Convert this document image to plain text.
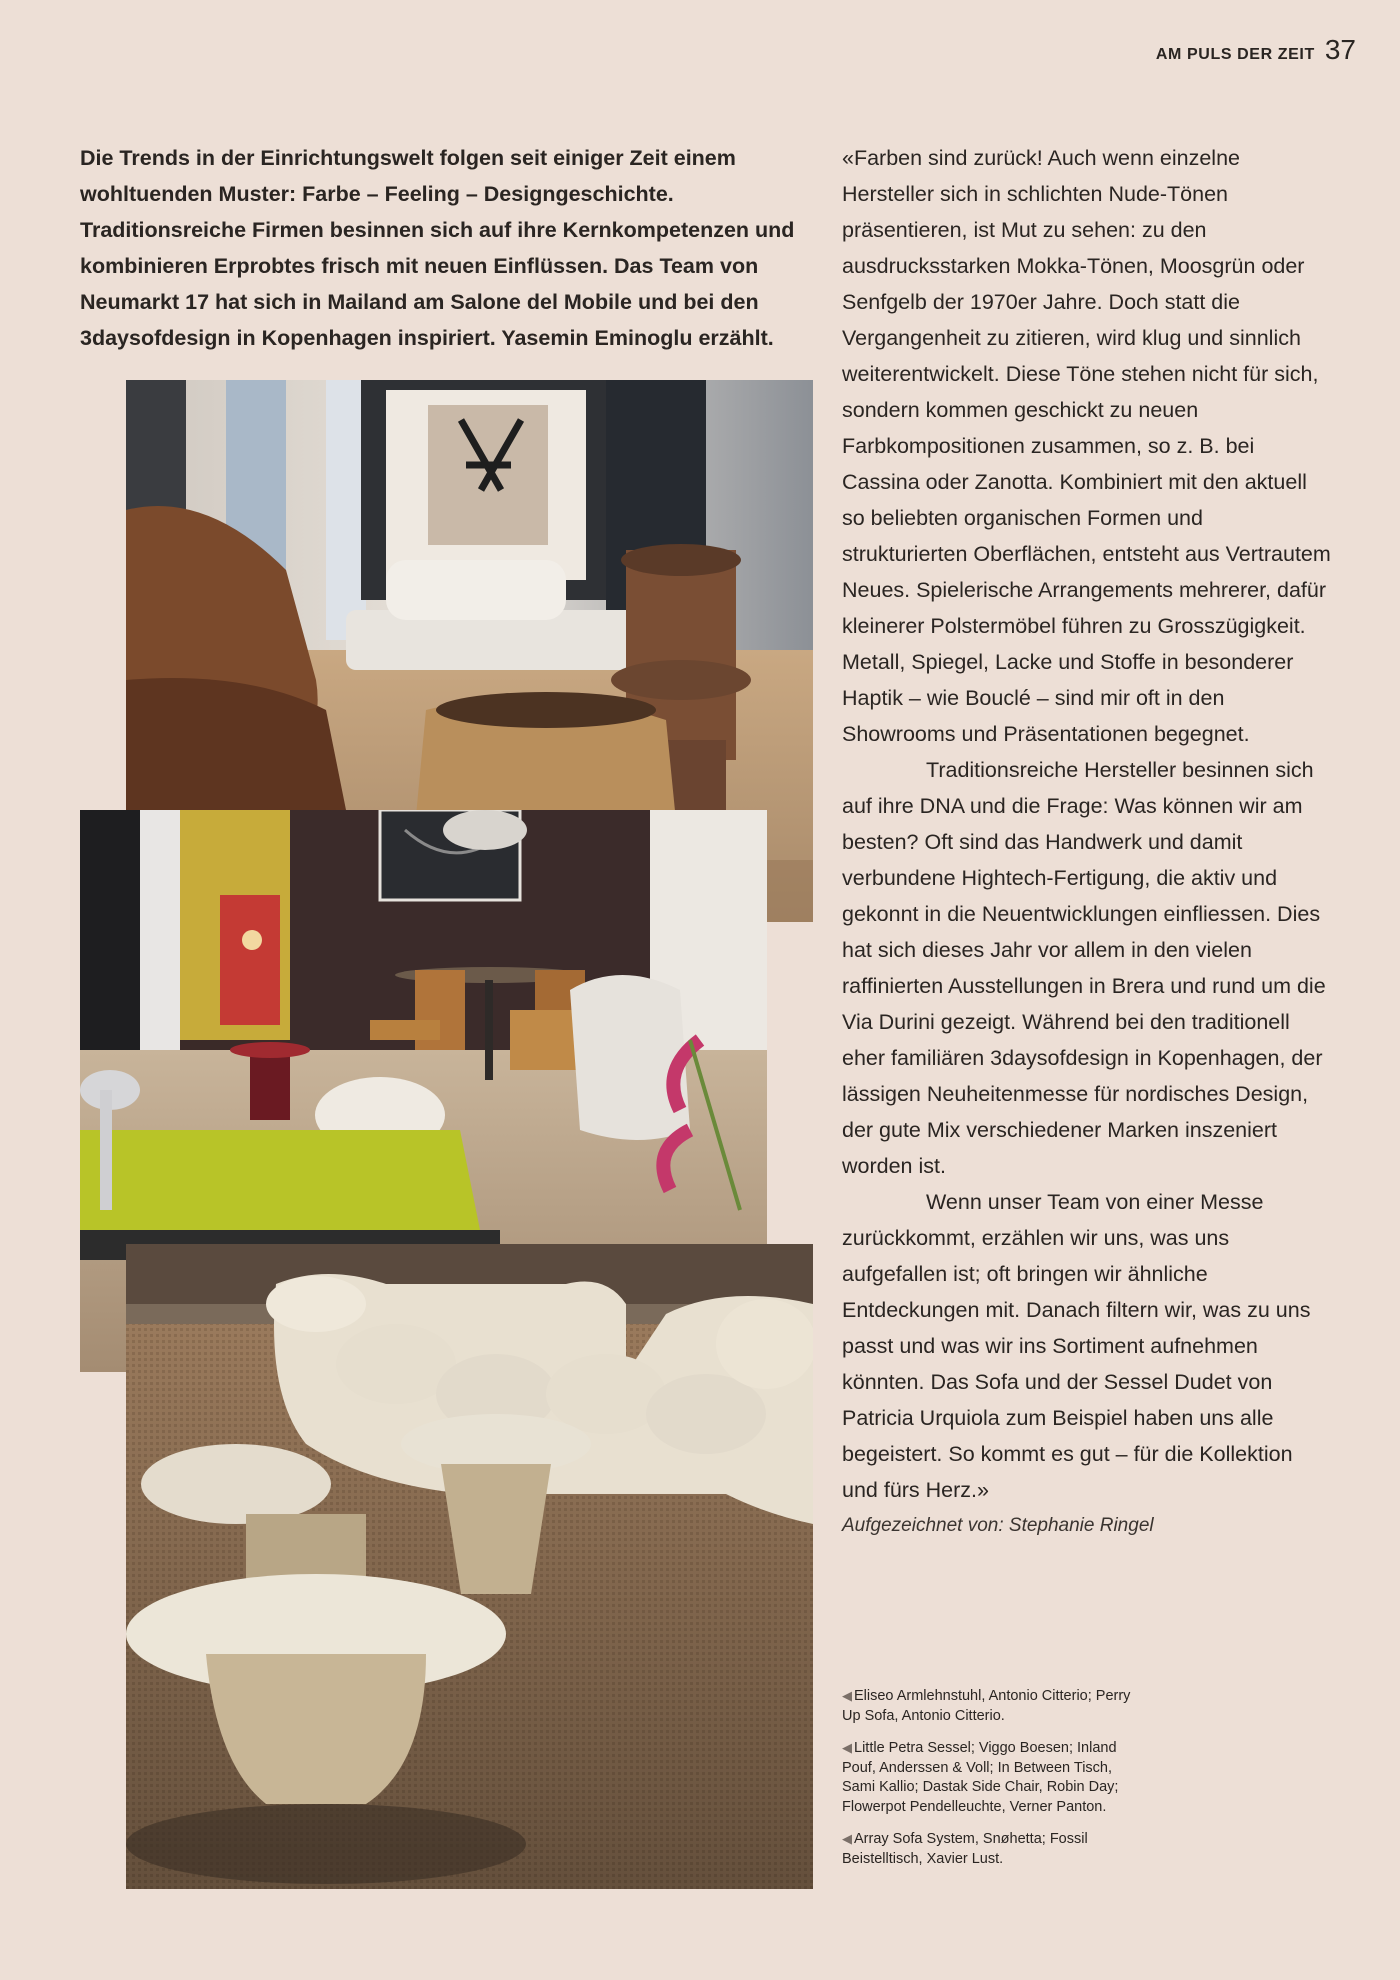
AM PULS DER ZEIT 37
Die Trends in der Einrichtungswelt folgen seit einiger Zeit einem wohltuenden Muster: Farbe – Feeling – Designgeschichte. Traditionsreiche Firmen besinnen sich auf ihre Kernkompetenzen und kombinieren Erprobtes frisch mit neuen Einflüssen. Das Team von Neumarkt 17 hat sich in Mailand am Salone del Mobile und bei den 3daysofdesign in Kopenhagen inspiriert. Yasemin Eminoglu erzählt.

«Farben sind zurück! Auch wenn einzelne Hersteller sich in schlichten Nude-Tönen präsentieren, ist Mut zu sehen: zu den ausdrucksstarken Mokka-Tönen, Moosgrün oder Senfgelb der 1970er Jahre. Doch statt die Vergangenheit zu zitieren, wird klug und sinnlich weiterentwickelt. Diese Töne stehen nicht für sich, sondern kommen geschickt zu neuen Farbkompositionen zusammen, so z. B. bei Cassina oder Zanotta. Kombiniert mit den aktuell so beliebten organischen Formen und strukturierten Oberflächen, entsteht aus Vertrautem Neues. Spielerische Arrangements mehrerer, dafür kleinerer Polstermöbel führen zu Grosszügigkeit. Metall, Spiegel, Lacke und Stoffe in besonderer Haptik – wie Bouclé – sind mir oft in den Showrooms und Präsentationen begegnet.

Traditionsreiche Hersteller besinnen sich auf ihre DNA und die Frage: Was können wir am besten? Oft sind das Handwerk und damit verbundene Hightech-Fertigung, die aktiv und gekonnt in die Neuentwicklungen einfliessen. Dies hat sich dieses Jahr vor allem in den vielen raffinierten Ausstellungen in Brera und rund um die Via Durini gezeigt. Während bei den traditionell eher familiären 3daysofdesign in Kopenhagen, der lässigen Neuheitenmesse für nordisches Design, der gute Mix verschiedener Marken inszeniert worden ist.

Wenn unser Team von einer Messe zurückkommt, erzählen wir uns, was uns aufgefallen ist; oft bringen wir ähnliche Entdeckungen mit. Danach filtern wir, was zu uns passt und was wir ins Sortiment aufnehmen könnten. Das Sofa und der Sessel Dudet von Patricia Urquiola zum Beispiel haben uns alle begeistert. So kommt es gut – für die Kollektion und fürs Herz.»

Aufgezeichnet von: Stephanie Ringel

◀ Eliseo Armlehnstuhl, Antonio Citterio; Perry Up Sofa, Antonio Citterio.

◀ Little Petra Sessel; Viggo Boesen; Inland Pouf, Anderssen & Voll; In Between Tisch, Sami Kallio; Dastak Side Chair, Robin Day; Flowerpot Pendelleuchte, Verner Panton.

◀ Array Sofa System, Snøhetta; Fossil Beistelltisch, Xavier Lust.
